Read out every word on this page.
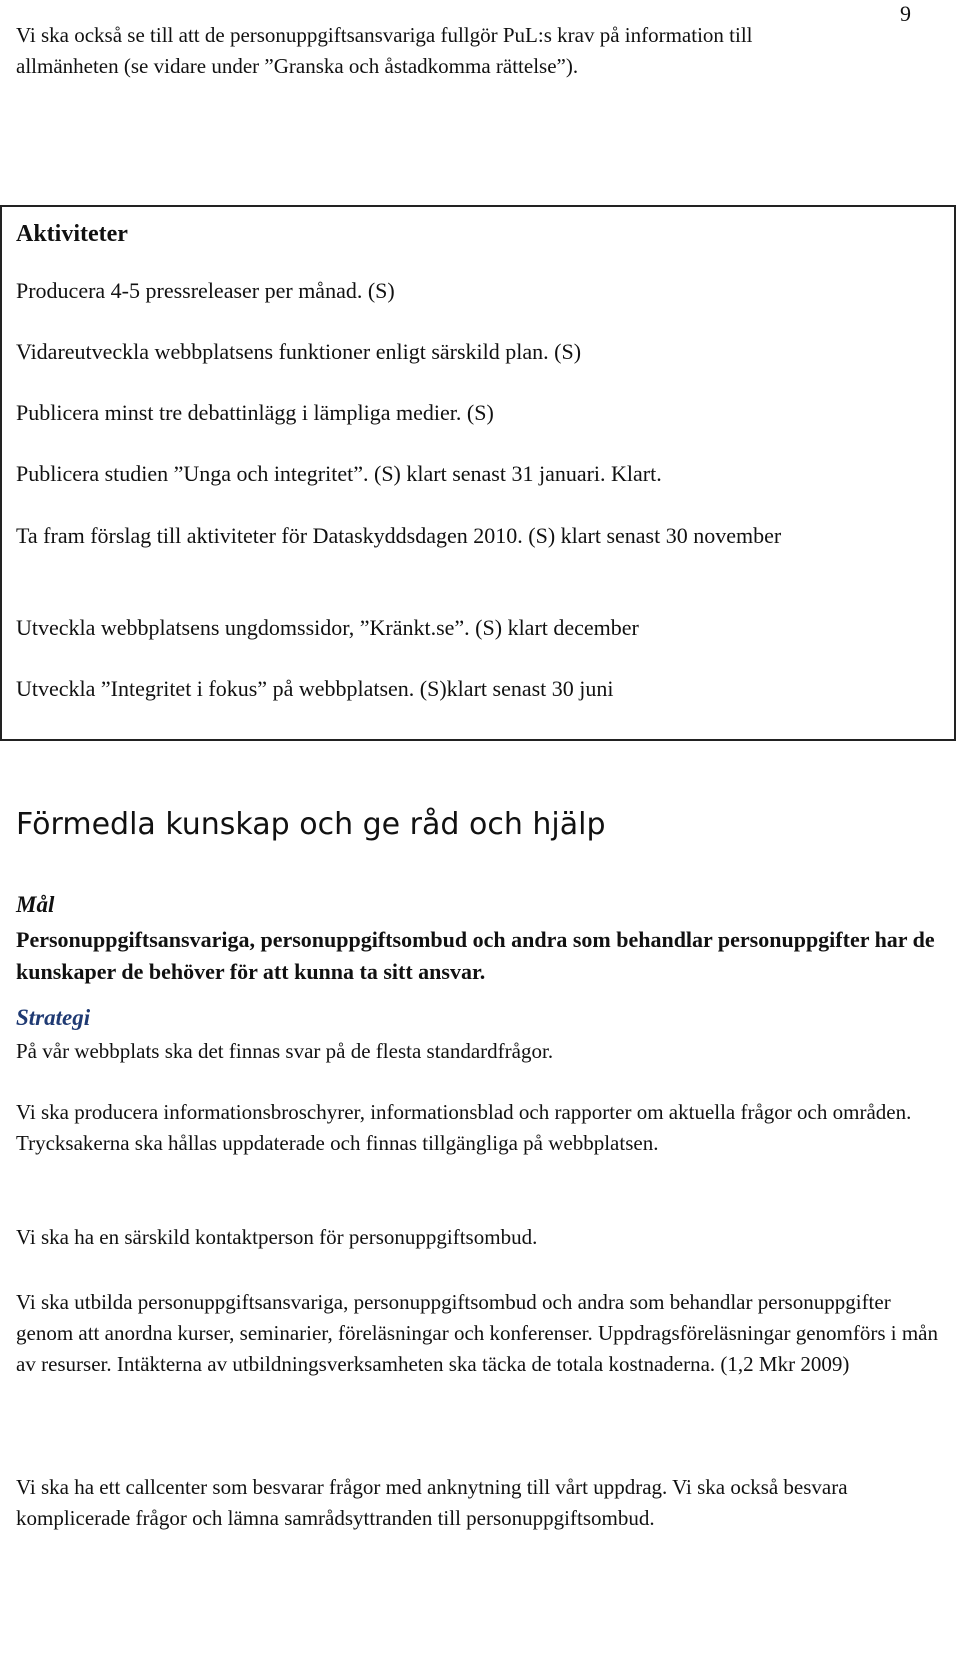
9

Vi ska också se till att de personuppgiftsansvariga fullgör PuL:s krav på information till allmänheten (se vidare under ”Granska och åstadkomma rättelse”).

Aktiviteter
Producera 4-5 pressreleaser per månad. (S)
Vidareutveckla webbplatsens funktioner enligt särskild plan. (S)
Publicera minst tre debattinlägg i lämpliga medier. (S)
Publicera studien ”Unga och integritet”. (S) klart senast 31 januari. Klart.
Ta fram förslag till aktiviteter för Dataskyddsdagen 2010. (S) klart senast 30 november
Utveckla webbplatsens ungdomssidor, ”Kränkt.se”. (S) klart december
Utveckla ”Integritet i fokus” på webbplatsen. (S)klart senast 30 juni
Förmedla kunskap och ge råd och hjälp
Mål
Personuppgiftsansvariga, personuppgiftsombud och andra som behandlar personuppgifter har de kunskaper de behöver för att kunna ta sitt ansvar.
Strategi

På vår webbplats ska det finnas svar på de flesta standardfrågor.

Vi ska producera informationsbroschyrer, informationsblad och rapporter om aktuella frågor och områden. Trycksakerna ska hållas uppdaterade och finnas tillgängliga på webbplatsen.

Vi ska ha en särskild kontaktperson för personuppgiftsombud.

Vi ska utbilda personuppgiftsansvariga, personuppgiftsombud och andra som behandlar personuppgifter genom att anordna kurser, seminarier, föreläsningar och konferenser. Uppdragsföreläsningar genomförs i mån av resurser. Intäkterna av utbildningsverksamheten ska täcka de totala kostnaderna. (1,2 Mkr 2009)

Vi ska ha ett callcenter som besvarar frågor med anknytning till vårt uppdrag. Vi ska också besvara komplicerade frågor och lämna samrådsyttranden till personuppgiftsombud.
